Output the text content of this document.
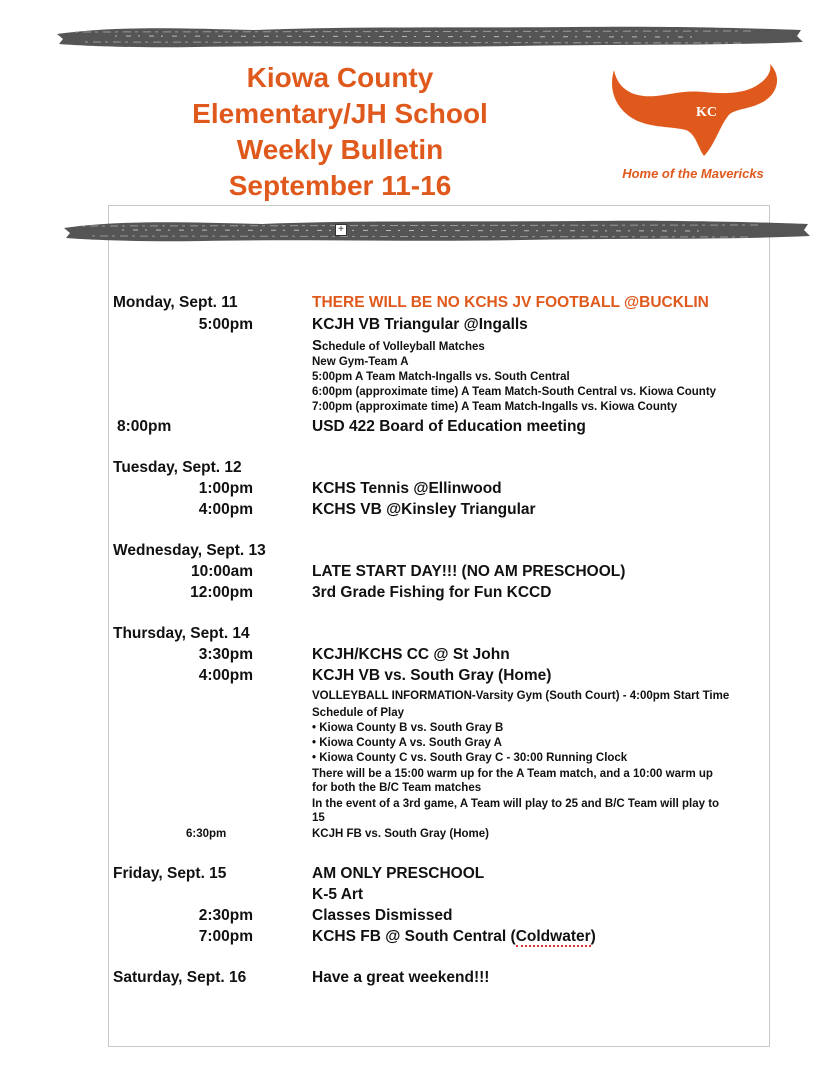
Kiowa County
Elementary/JH School
Weekly Bulletin
September 11-16
KC
Home of the Mavericks
+
Monday, Sept. 11	THERE WILL BE NO KCHS JV FOOTBALL @BUCKLIN
5:00pm	KCJH VB Triangular @Ingalls
Schedule of Volleyball Matches
New Gym-Team A
5:00pm A Team Match-Ingalls vs. South Central
6:00pm (approximate time) A Team Match-South Central vs. Kiowa County
7:00pm (approximate time) A Team Match-Ingalls vs. Kiowa County
8:00pm	USD 422 Board of Education meeting
Tuesday, Sept. 12
1:00pm	KCHS Tennis @Ellinwood
4:00pm	KCHS VB @Kinsley Triangular
Wednesday, Sept. 13
10:00am	LATE START DAY!!! (NO AM PRESCHOOL)
12:00pm	3rd Grade Fishing for Fun KCCD
Thursday, Sept. 14
3:30pm	KCJH/KCHS CC @ St John
4:00pm	KCJH VB vs. South Gray (Home)
VOLLEYBALL INFORMATION-Varsity Gym (South Court) - 4:00pm Start Time
Schedule of Play
• Kiowa County B vs. South Gray B
• Kiowa County A vs. South Gray A
• Kiowa County C vs. South Gray C - 30:00 Running Clock
There will be a 15:00 warm up for the A Team match, and a 10:00 warm up
for both the B/C Team matches
In the event of a 3rd game, A Team will play to 25 and B/C Team will play to
15
6:30pm	KCJH FB vs. South Gray (Home)
Friday, Sept. 15	AM ONLY PRESCHOOL
K-5 Art
2:30pm	Classes Dismissed
7:00pm	KCHS FB @ South Central (Coldwater)
Saturday, Sept. 16	Have a great weekend!!!
